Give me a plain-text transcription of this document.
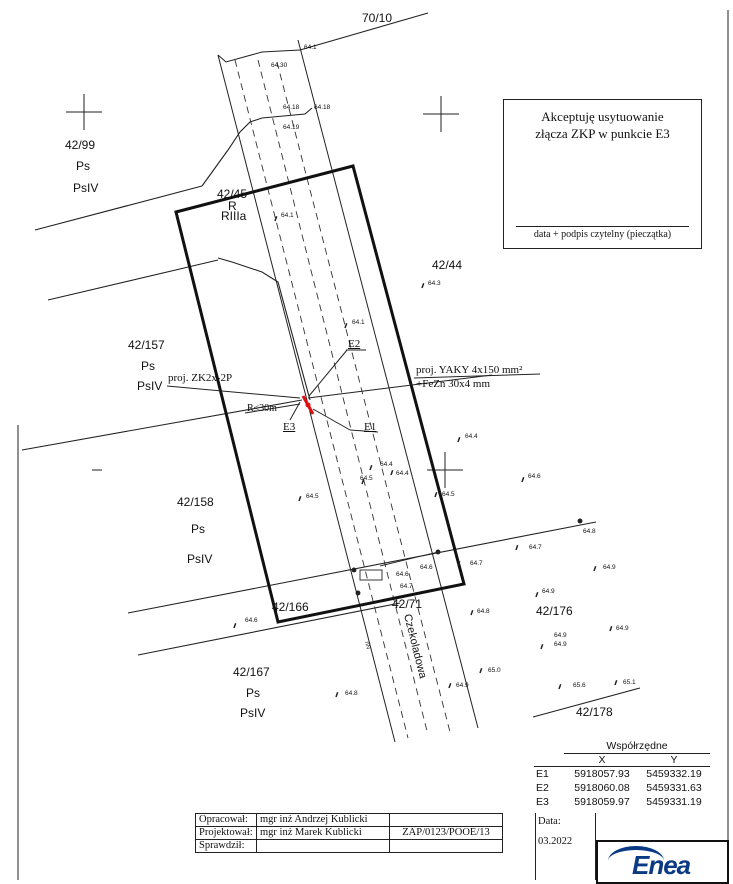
Czekoladowa
nN
70/10
42/99
Ps
PsIV	42/45
R
RIIIa
42/44
42/157
Ps
PsIV
42/158
Ps
PsIV
42/166	42/71	42/176
42/167
Ps
PsIV	42/178
E2
E1
E3
proj. ZK2x-2P
proj. YAKY 4x150 mm²
+FeZn 30x4 mm
R≤30m
64.1
64.30
64.18 64.18
64.19
64.1
64.3
64.1
64.4
64.4
64.4
64.5
64.5
64.5
64.6
64.7
64.8
64.6
64.6
64.6
64.7
64.7
64.9
64.9
64.9
64.9
64.9
64.8
65.0
64.9
64.8
65.6	65.1
Akceptuję usytuowanie
złącza ZKP w punkcie E3
data + podpis czytelny (pieczątka)
Współrzędne
X	Y
E1	5918057.93	5459332.19
E2	5918060.08	5459331.63
E3	5918059.97	5459331.19
Opracował:	mgr inż Andrzej Kublicki
Projektował: mgr inż Marek Kublicki
Sprawdził:
ZAP/0123/POOE/13
Data:
03.2022
Enea
